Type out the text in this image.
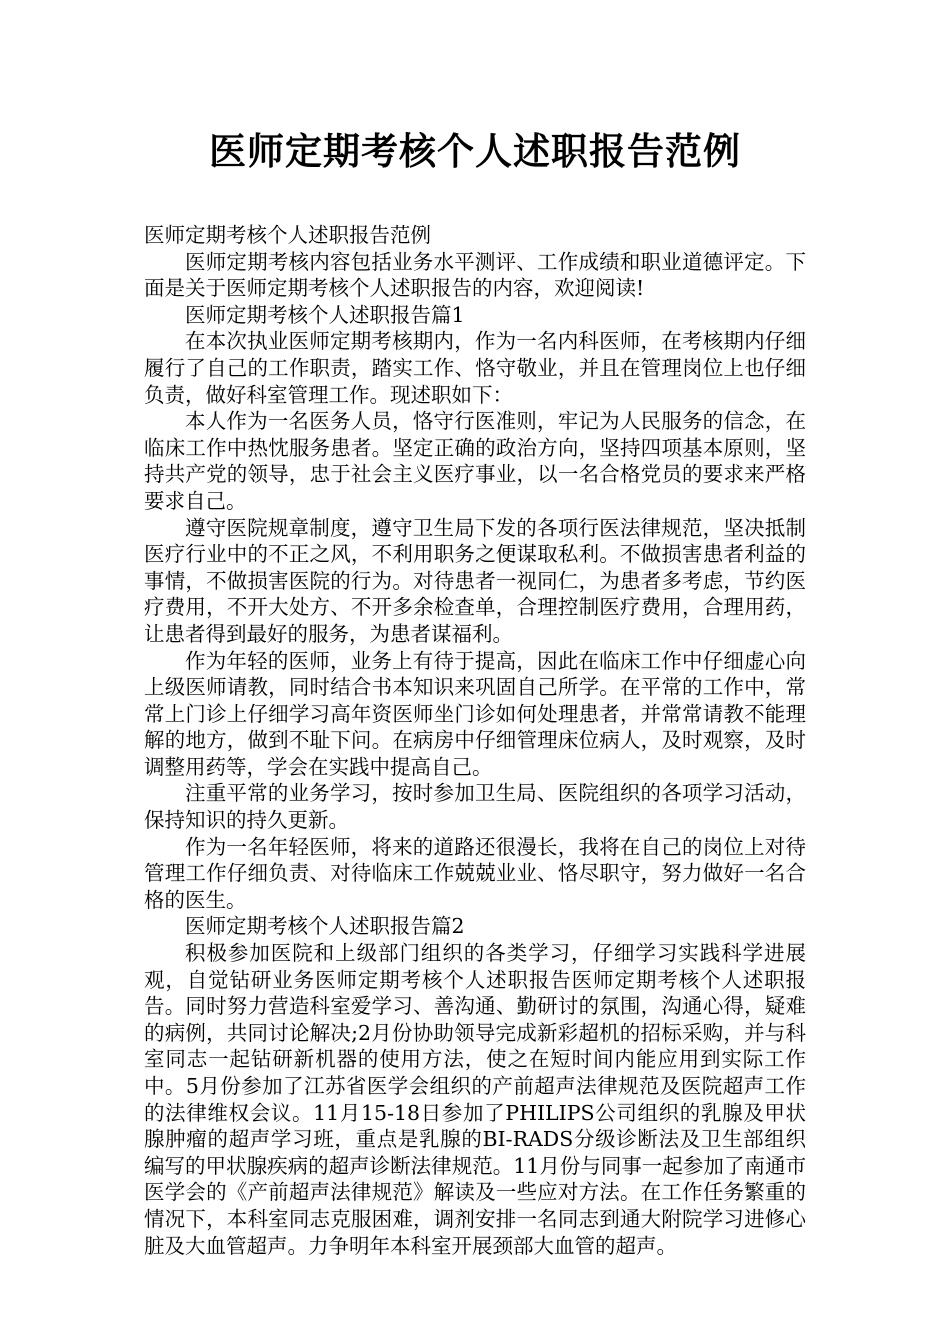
医师定期考核个人述职报告范例

医师定期考核个人述职报告范例

医师定期考核内容包括业务水平测评、工作成绩和职业道德评定。下面是关于医师定期考核个人述职报告的内容，欢迎阅读!

医师定期考核个人述职报告篇1

在本次执业医师定期考核期内，作为一名内科医师，在考核期内仔细履行了自己的工作职责，踏实工作、恪守敬业，并且在管理岗位上也仔细负责，做好科室管理工作。现述职如下：

本人作为一名医务人员，恪守行医准则，牢记为人民服务的信念，在临床工作中热忱服务患者。坚定正确的政治方向，坚持四项基本原则，坚持共产党的领导，忠于社会主义医疗事业，以一名合格党员的要求来严格要求自己。

遵守医院规章制度，遵守卫生局下发的各项行医法律规范，坚决抵制医疗行业中的不正之风，不利用职务之便谋取私利。不做损害患者利益的事情，不做损害医院的行为。对待患者一视同仁，为患者多考虑，节约医疗费用，不开大处方、不开多余检查单，合理控制医疗费用，合理用药，让患者得到最好的服务，为患者谋福利。

作为年轻的医师，业务上有待于提高，因此在临床工作中仔细虚心向上级医师请教，同时结合书本知识来巩固自己所学。在平常的工作中，常常上门诊上仔细学习高年资医师坐门诊如何处理患者，并常常请教不能理解的地方，做到不耻下问。在病房中仔细管理床位病人，及时观察，及时调整用药等，学会在实践中提高自己。

注重平常的业务学习，按时参加卫生局、医院组织的各项学习活动，保持知识的持久更新。

作为一名年轻医师，将来的道路还很漫长，我将在自己的岗位上对待管理工作仔细负责、对待临床工作兢兢业业、恪尽职守，努力做好一名合格的医生。

医师定期考核个人述职报告篇2

积极参加医院和上级部门组织的各类学习，仔细学习实践科学进展观，自觉钻研业务医师定期考核个人述职报告医师定期考核个人述职报告。同时努力营造科室爱学习、善沟通、勤研讨的氛围，沟通心得，疑难的病例，共同讨论解决;2月份协助领导完成新彩超机的招标采购，并与科室同志一起钻研新机器的使用方法，使之在短时间内能应用到实际工作中。5月份参加了江苏省医学会组织的产前超声法律规范及医院超声工作的法律维权会议。11月15-18日参加了PHILIPS公司组织的乳腺及甲状腺肿瘤的超声学习班，重点是乳腺的BI-RADS分级诊断法及卫生部组织编写的甲状腺疾病的超声诊断法律规范。11月份与同事一起参加了南通市医学会的《产前超声法律规范》解读及一些应对方法。在工作任务繁重的情况下，本科室同志克服困难，调剂安排一名同志到通大附院学习进修心脏及大血管超声。力争明年本科室开展颈部大血管的超声。
